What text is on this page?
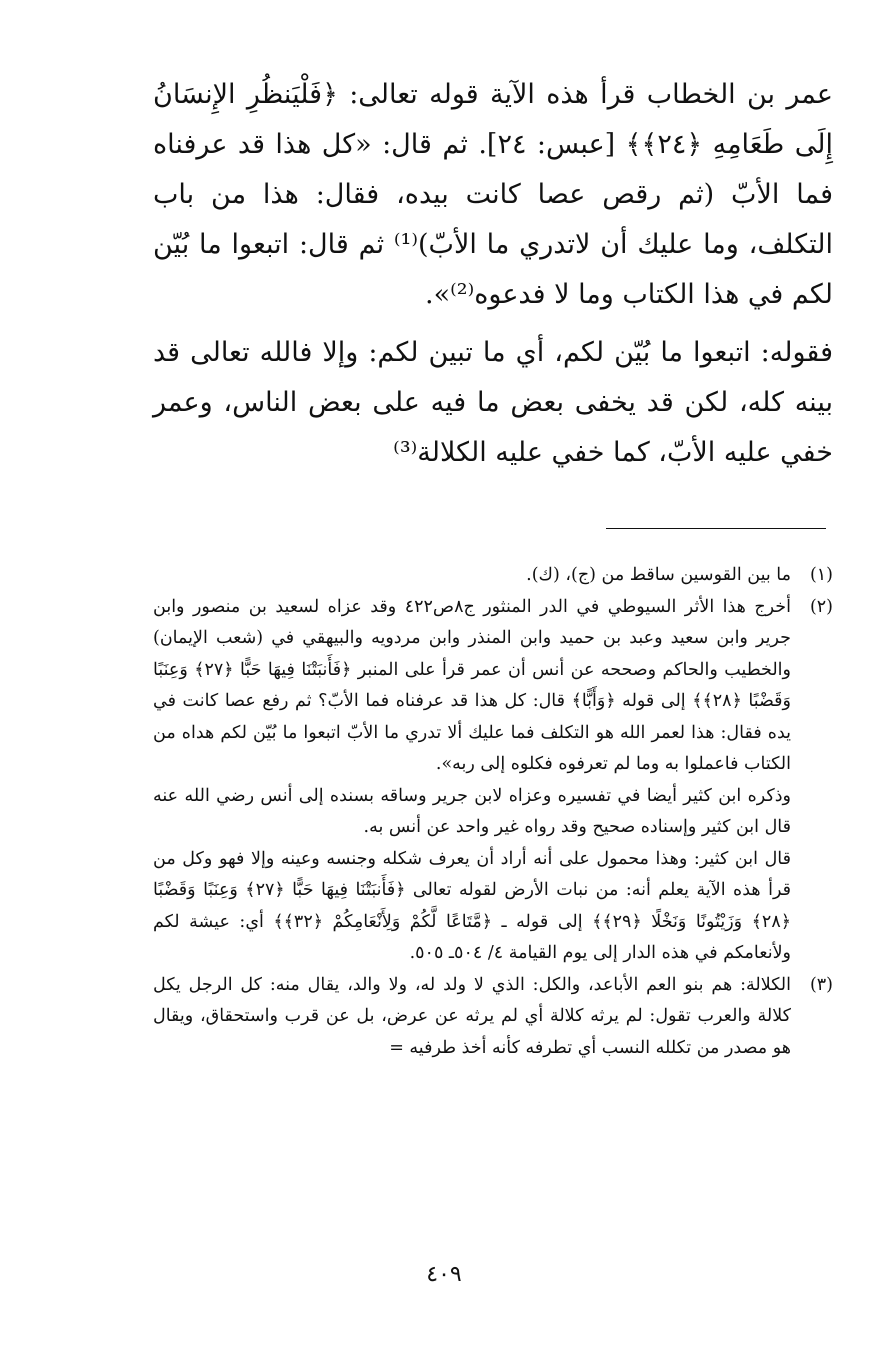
عمر بن الخطاب قرأ هذه الآية قوله تعالى: ﴿فَلْيَنظُرِ الإِنسَانُ إِلَى طَعَامِهِ ﴿٢٤﴾﴾ [عبس: ٢٤]. ثم قال: «كل هذا قد عرفناه فما الأبّ (ثم رقص عصا كانت بيده، فقال: هذا من باب التكلف، وما عليك أن لاتدري ما الأبّ)⁽¹⁾ ثم قال: اتبعوا ما بُيّن لكم في هذا الكتاب وما لا فدعوه⁽²⁾».

فقوله: اتبعوا ما بُيّن لكم، أي ما تبين لكم: وإلا فالله تعالى قد بينه كله، لكن قد يخفى بعض ما فيه على بعض الناس، وعمر خفي عليه الأبّ، كما خفي عليه الكلالة⁽³⁾

(١)

ما بين القوسين ساقط من (ج)، (ك).

(٢)

أخرج هذا الأثر السيوطي في الدر المنثور ج٨ص٤٢٢ وقد عزاه لسعيد بن منصور وابن جرير وابن سعيد وعبد بن حميد وابن المنذر وابن مردويه والبيهقي في (شعب الإيمان) والخطيب والحاكم وصححه عن أنس أن عمر قرأ على المنبر ﴿فَأَنبَتْنَا فِيهَا حَبًّا ﴿٢٧﴾ وَعِنَبًا وَقَضْبًا ﴿٢٨﴾﴾ إلى قوله ﴿وَأَبًّا﴾ قال: كل هذا قد عرفناه فما الأبّ؟ ثم رفع عصا كانت في يده فقال: هذا لعمر الله هو التكلف فما عليك ألا تدري ما الأبّ اتبعوا ما بُيّن لكم هداه من الكتاب فاعملوا به وما لم تعرفوه فكلوه إلى ربه».

وذكره ابن كثير أيضا في تفسيره وعزاه لابن جرير وساقه بسنده إلى أنس رضي الله عنه قال ابن كثير وإسناده صحيح وقد رواه غير واحد عن أنس به.

قال ابن كثير: وهذا محمول على أنه أراد أن يعرف شكله وجنسه وعينه وإلا فهو وكل من قرأ هذه الآية يعلم أنه: من نبات الأرض لقوله تعالى ﴿فَأَنبَتْنَا فِيهَا حَبًّا ﴿٢٧﴾ وَعِنَبًا وَقَضْبًا ﴿٢٨﴾ وَزَيْتُونًا وَنَخْلًا ﴿٢٩﴾﴾ إلى قوله ـ ﴿مَّتَاعًا لَّكُمْ وَلِأَنْعَامِكُمْ ﴿٣٢﴾﴾ أي: عيشة لكم ولأنعامكم في هذه الدار إلى يوم القيامة ٤/ ٥٠٤ـ ٥٠٥.

(٣)

الكلالة: هم بنو العم الأباعد، والكل: الذي لا ولد له، ولا والد، يقال منه: كل الرجل يكل كلالة والعرب تقول: لم يرثه كلالة أي لم يرثه عن عرض، بل عن قرب واستحقاق، ويقال هو مصدر من تكلله النسب أي تطرفه كأنه أخذ طرفيه =

٤٠٩
